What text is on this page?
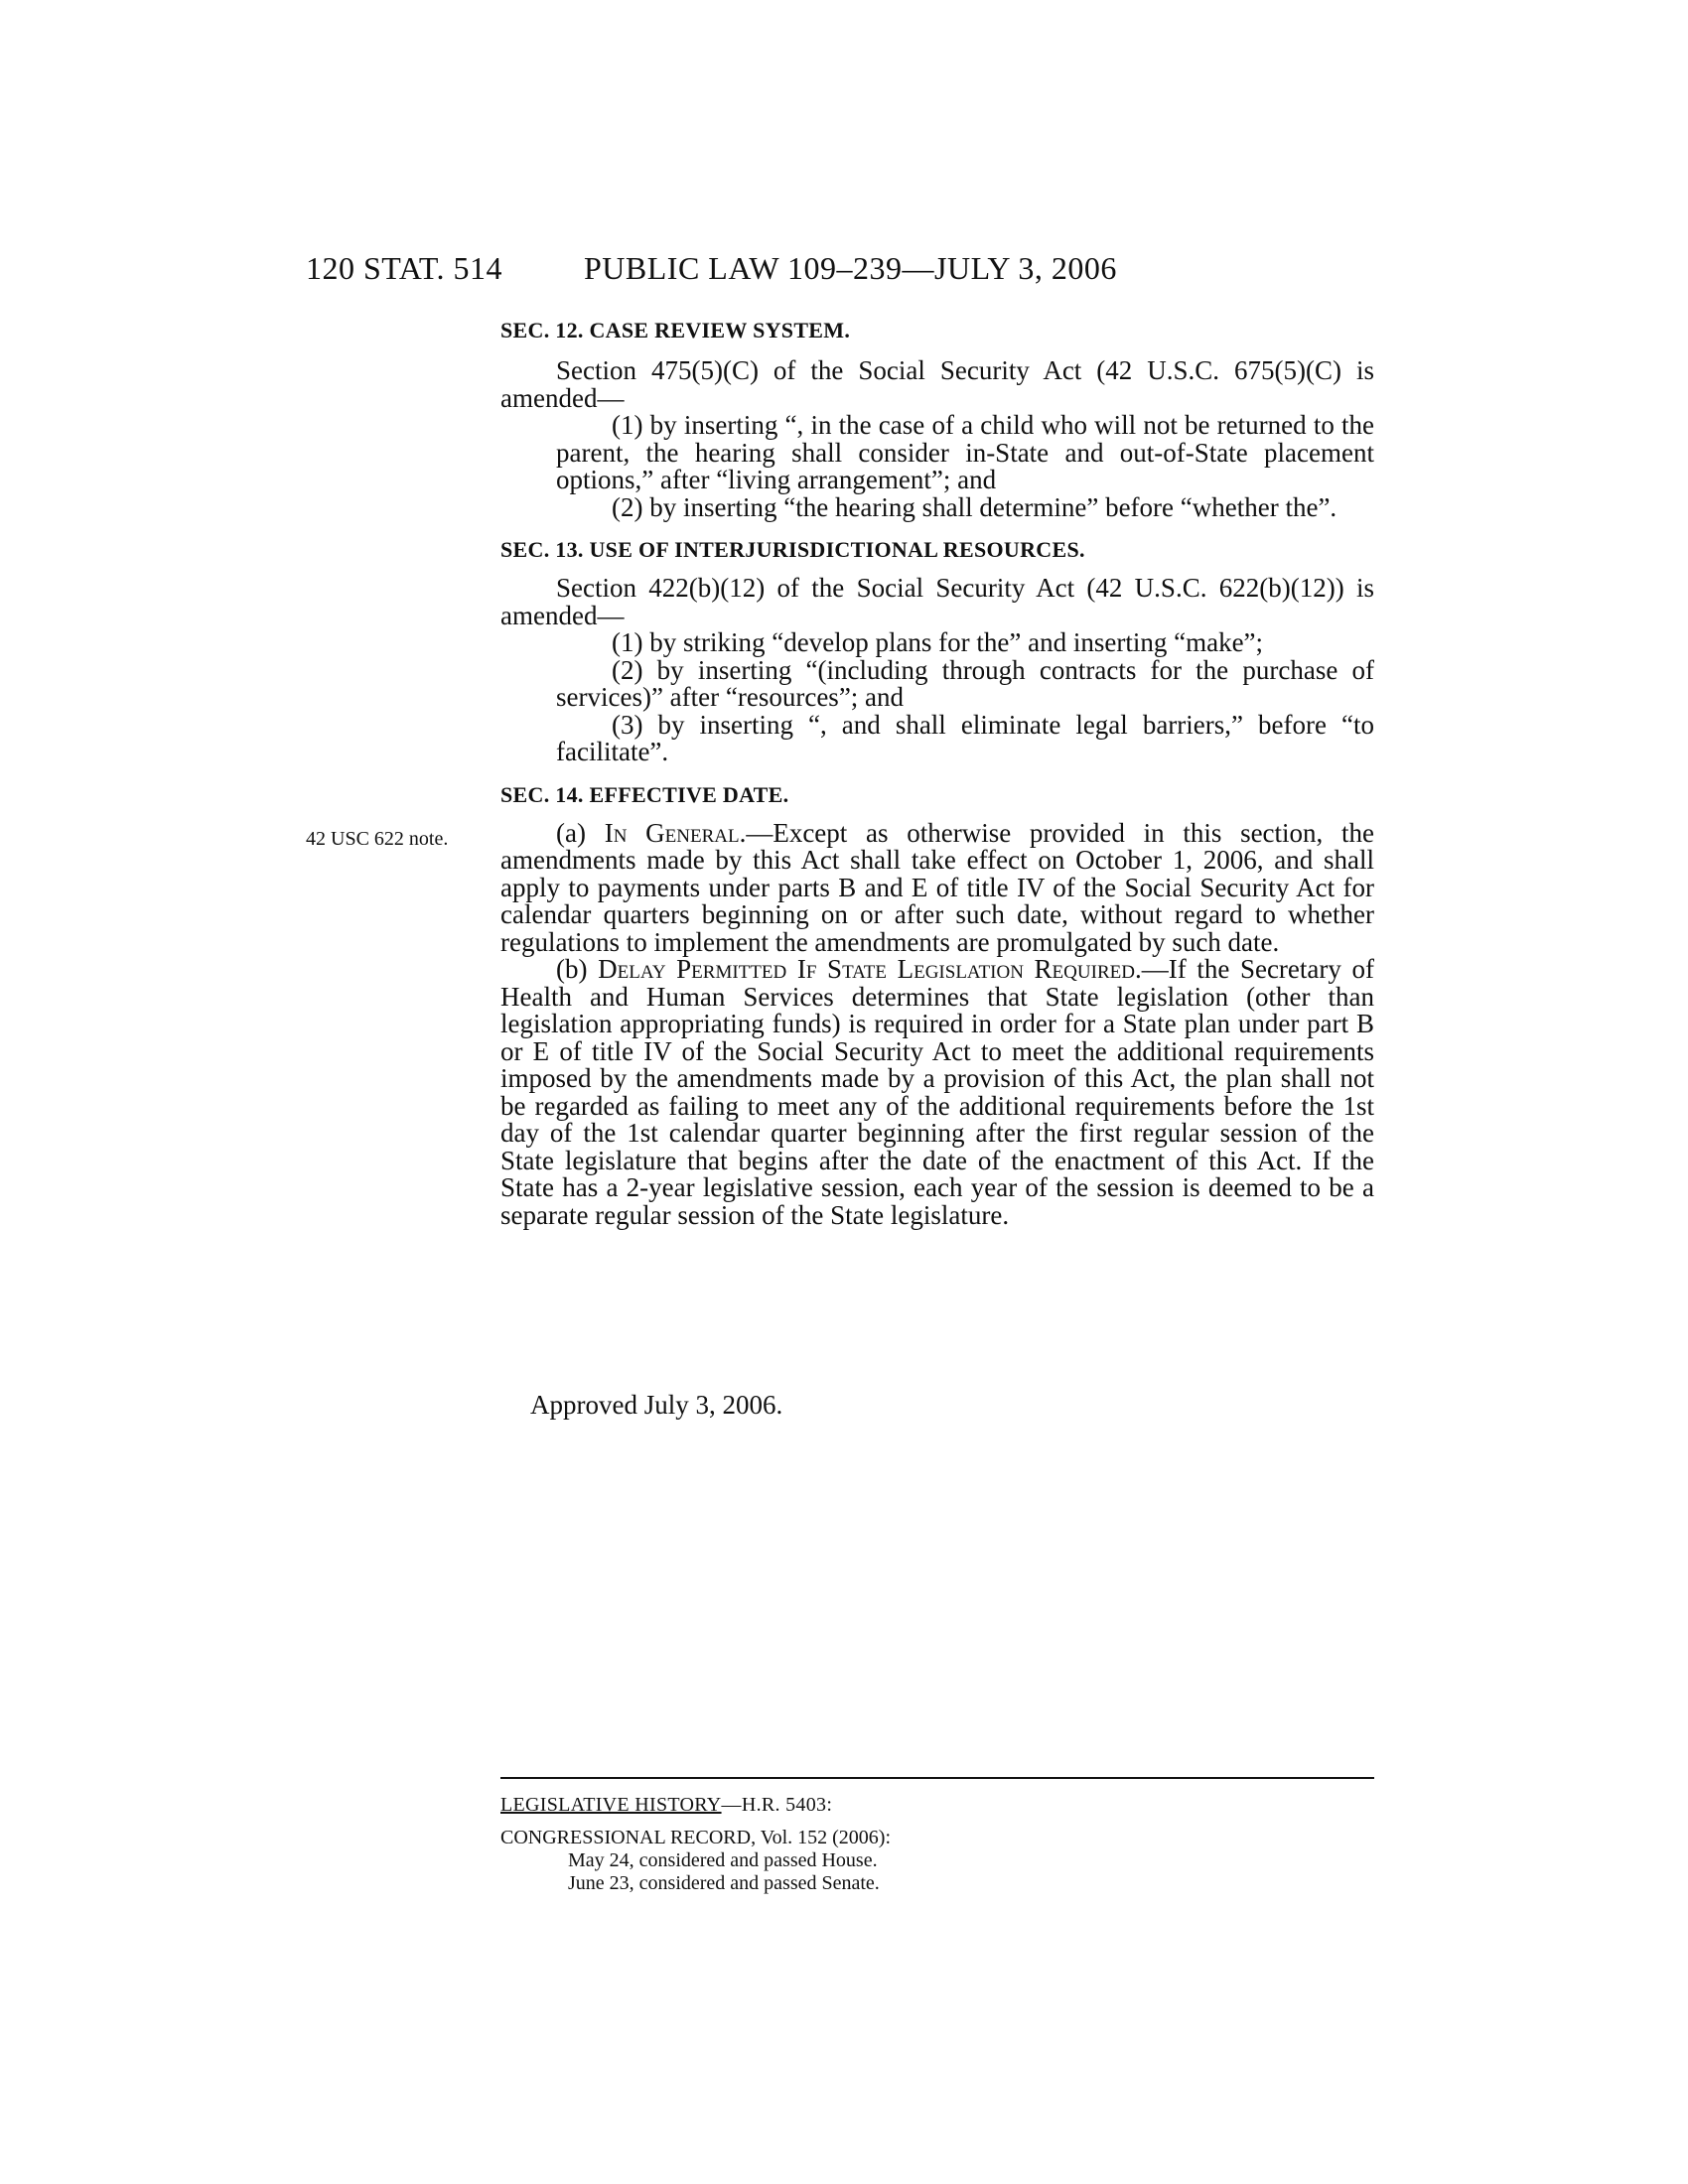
120 STAT. 514	PUBLIC LAW 109–239—JULY 3, 2006
42 USC 622 note.
SEC. 12. CASE REVIEW SYSTEM.
Section 475(5)(C) of the Social Security Act (42 U.S.C. 675(5)(C) is amended—
(1) by inserting “, in the case of a child who will not be returned to the parent, the hearing shall consider in-State and out-of-State placement options,” after “living arrangement”; and
(2) by inserting “the hearing shall determine” before “whether the”.
SEC. 13. USE OF INTERJURISDICTIONAL RESOURCES.
Section 422(b)(12) of the Social Security Act (42 U.S.C. 622(b)(12)) is amended—
(1) by striking “develop plans for the” and inserting “make”;
(2) by inserting “(including through contracts for the purchase of services)” after “resources”; and
(3) by inserting “, and shall eliminate legal barriers,” before “to facilitate”.
SEC. 14. EFFECTIVE DATE.
(a) In General.—Except as otherwise provided in this section, the amendments made by this Act shall take effect on October 1, 2006, and shall apply to payments under parts B and E of title IV of the Social Security Act for calendar quarters beginning on or after such date, without regard to whether regulations to implement the amendments are promulgated by such date.
(b) Delay Permitted If State Legislation Required.—If the Secretary of Health and Human Services determines that State legislation (other than legislation appropriating funds) is required in order for a State plan under part B or E of title IV of the Social Security Act to meet the additional requirements imposed by the amendments made by a provision of this Act, the plan shall not be regarded as failing to meet any of the additional requirements before the 1st day of the 1st calendar quarter beginning after the first regular session of the State legislature that begins after the date of the enactment of this Act. If the State has a 2-year legislative session, each year of the session is deemed to be a separate regular session of the State legislature.
Approved July 3, 2006.
LEGISLATIVE HISTORY—H.R. 5403:
CONGRESSIONAL RECORD, Vol. 152 (2006):
May 24, considered and passed House.
June 23, considered and passed Senate.
